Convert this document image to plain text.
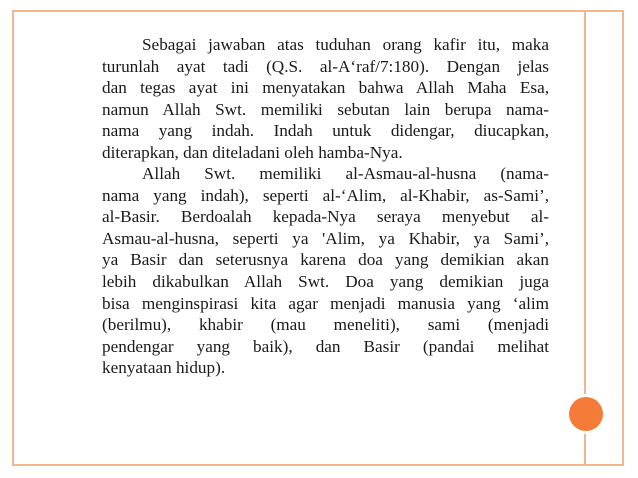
Sebagai jawaban atas tuduhan orang kafir itu, maka
turunlah ayat tadi (Q.S. al-A‘raf/7:180). Dengan jelas
dan tegas ayat ini menyatakan bahwa Allah Maha Esa,
namun Allah Swt. memiliki sebutan lain berupa nama-
nama yang indah. Indah untuk didengar, diucapkan,
diterapkan, dan diteladani oleh hamba-Nya.
Allah Swt. memiliki al-Asmau-al-husna (nama-
nama yang indah), seperti al-‘Alim, al-Khabir, as-Sami’,
al-Basir. Berdoalah kepada-Nya seraya menyebut al-
Asmau-al-husna, seperti ya 'Alim, ya Khabir, ya Sami’,
ya Basir dan seterusnya karena doa yang demikian akan
lebih dikabulkan Allah Swt. Doa yang demikian juga
bisa menginspirasi kita agar menjadi manusia yang ‘alim
(berilmu), khabir (mau meneliti), sami (menjadi
pendengar yang baik), dan Basir (pandai melihat
kenyataan hidup).
